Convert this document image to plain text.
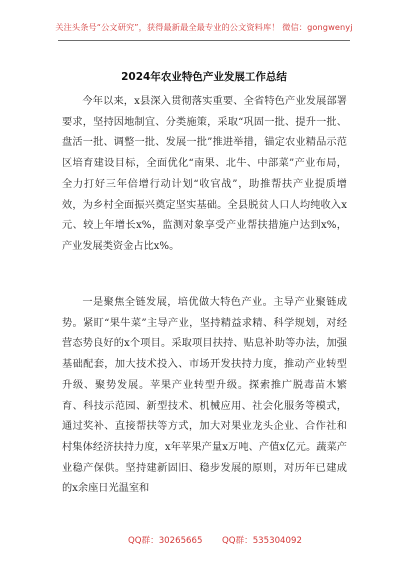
关注头条号“公文研究”，获得最新最全最专业的公文资料库！ 微信：gongwenyj
2024年农业特色产业发展工作总结

今年以来，x县深入贯彻落实重要、全省特色产业发展部署要求，坚持因地制宜、分类施策，采取“巩固一批、提升一批、盘活一批、调整一批、发展一批”推进举措，锚定农业精品示范区培育建设目标，全面优化“南果、北牛、中部菜”产业布局，全力打好三年倍增行动计划“收官战”，助推帮扶产业提质增效，为乡村全面振兴奠定坚实基础。全县脱贫人口人均纯收入x元、较上年增长x%，监测对象享受产业帮扶措施户达到x%，产业发展类资金占比x%。

一是聚焦全链发展，培优做大特色产业。主导产业聚链成势。紧盯“果牛菜”主导产业，坚持精益求精、科学规划，对经营态势良好的x个项目。采取项目扶持、贴息补助等办法，加强基础配套，加大技术投入、市场开发扶持力度，推动产业转型升级、聚势发展。苹果产业转型升级。探索推广脱毒苗木繁育、科技示范园、新型技术、机械应用、社会化服务等模式，通过奖补、直接帮扶等方式，加大对果业龙头企业、合作社和村集体经济扶持力度，x年苹果产量x万吨、产值x亿元。蔬菜产业稳产保供。坚持建新固旧、稳步发展的原则，对历年已建成的x余座日光温室和

QQ群：30265665 QQ群：535304092
